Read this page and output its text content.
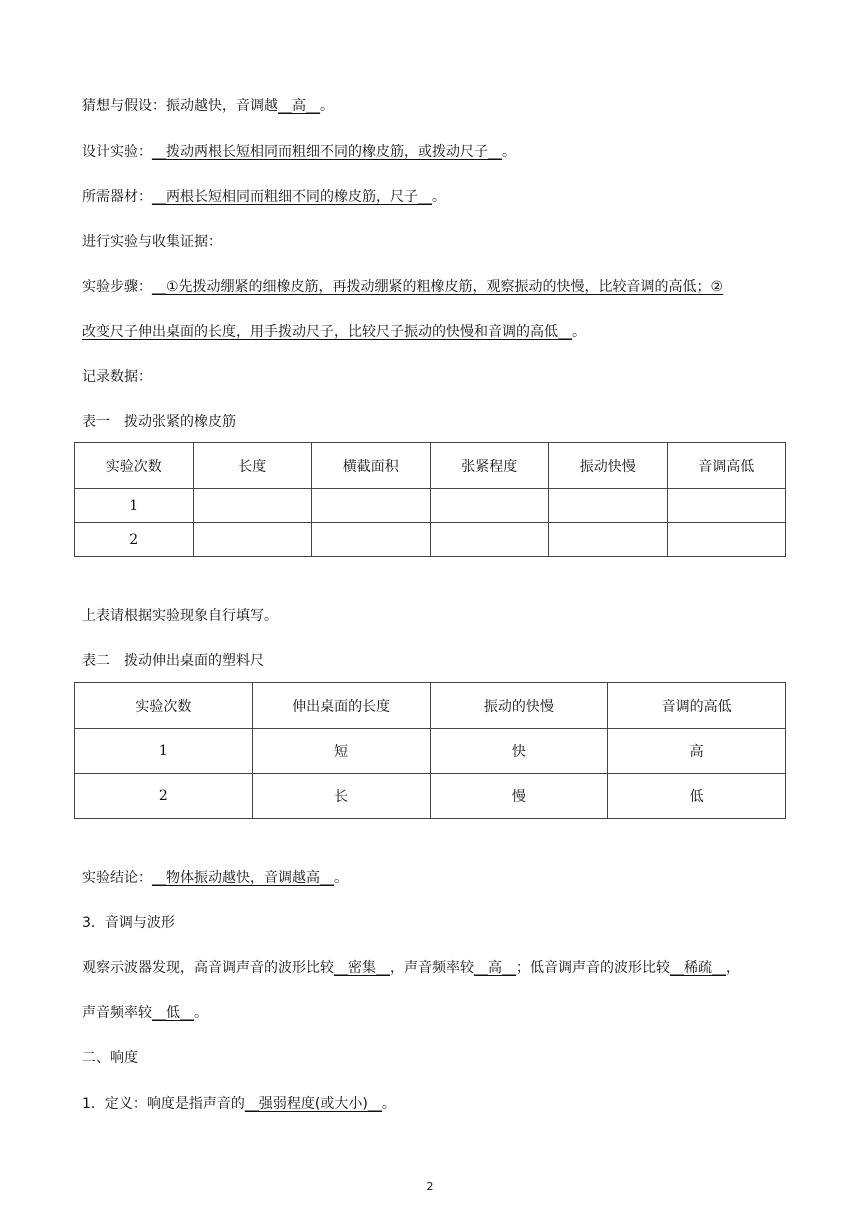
猜想与假设：振动越快，音调越__高__。
设计实验：__拨动两根长短相同而粗细不同的橡皮筋，或拨动尺子__。
所需器材：__两根长短相同而粗细不同的橡皮筋，尺子__。
进行实验与收集证据：
实验步骤：__①先拨动绷紧的细橡皮筋，再拨动绷紧的粗橡皮筋，观察振动的快慢，比较音调的高低；②
改变尺子伸出桌面的长度，用手拨动尺子，比较尺子振动的快慢和音调的高低__。
记录数据：
表一　拨动张紧的橡皮筋
实验次数	长度	横截面积	张紧程度	振动快慢	音调高低
1					
2					
上表请根据实验现象自行填写。
表二　拨动伸出桌面的塑料尺
实验次数	伸出桌面的长度	振动的快慢	音调的高低
1	短	快	高
2	长	慢	低
实验结论：__物体振动越快，音调越高__。
3．音调与波形
观察示波器发现，高音调声音的波形比较__密集__，声音频率较__高__；低音调声音的波形比较__稀疏__，
声音频率较__低__。
二、响度
1．定义：响度是指声音的__强弱程度(或大小)__。
2
